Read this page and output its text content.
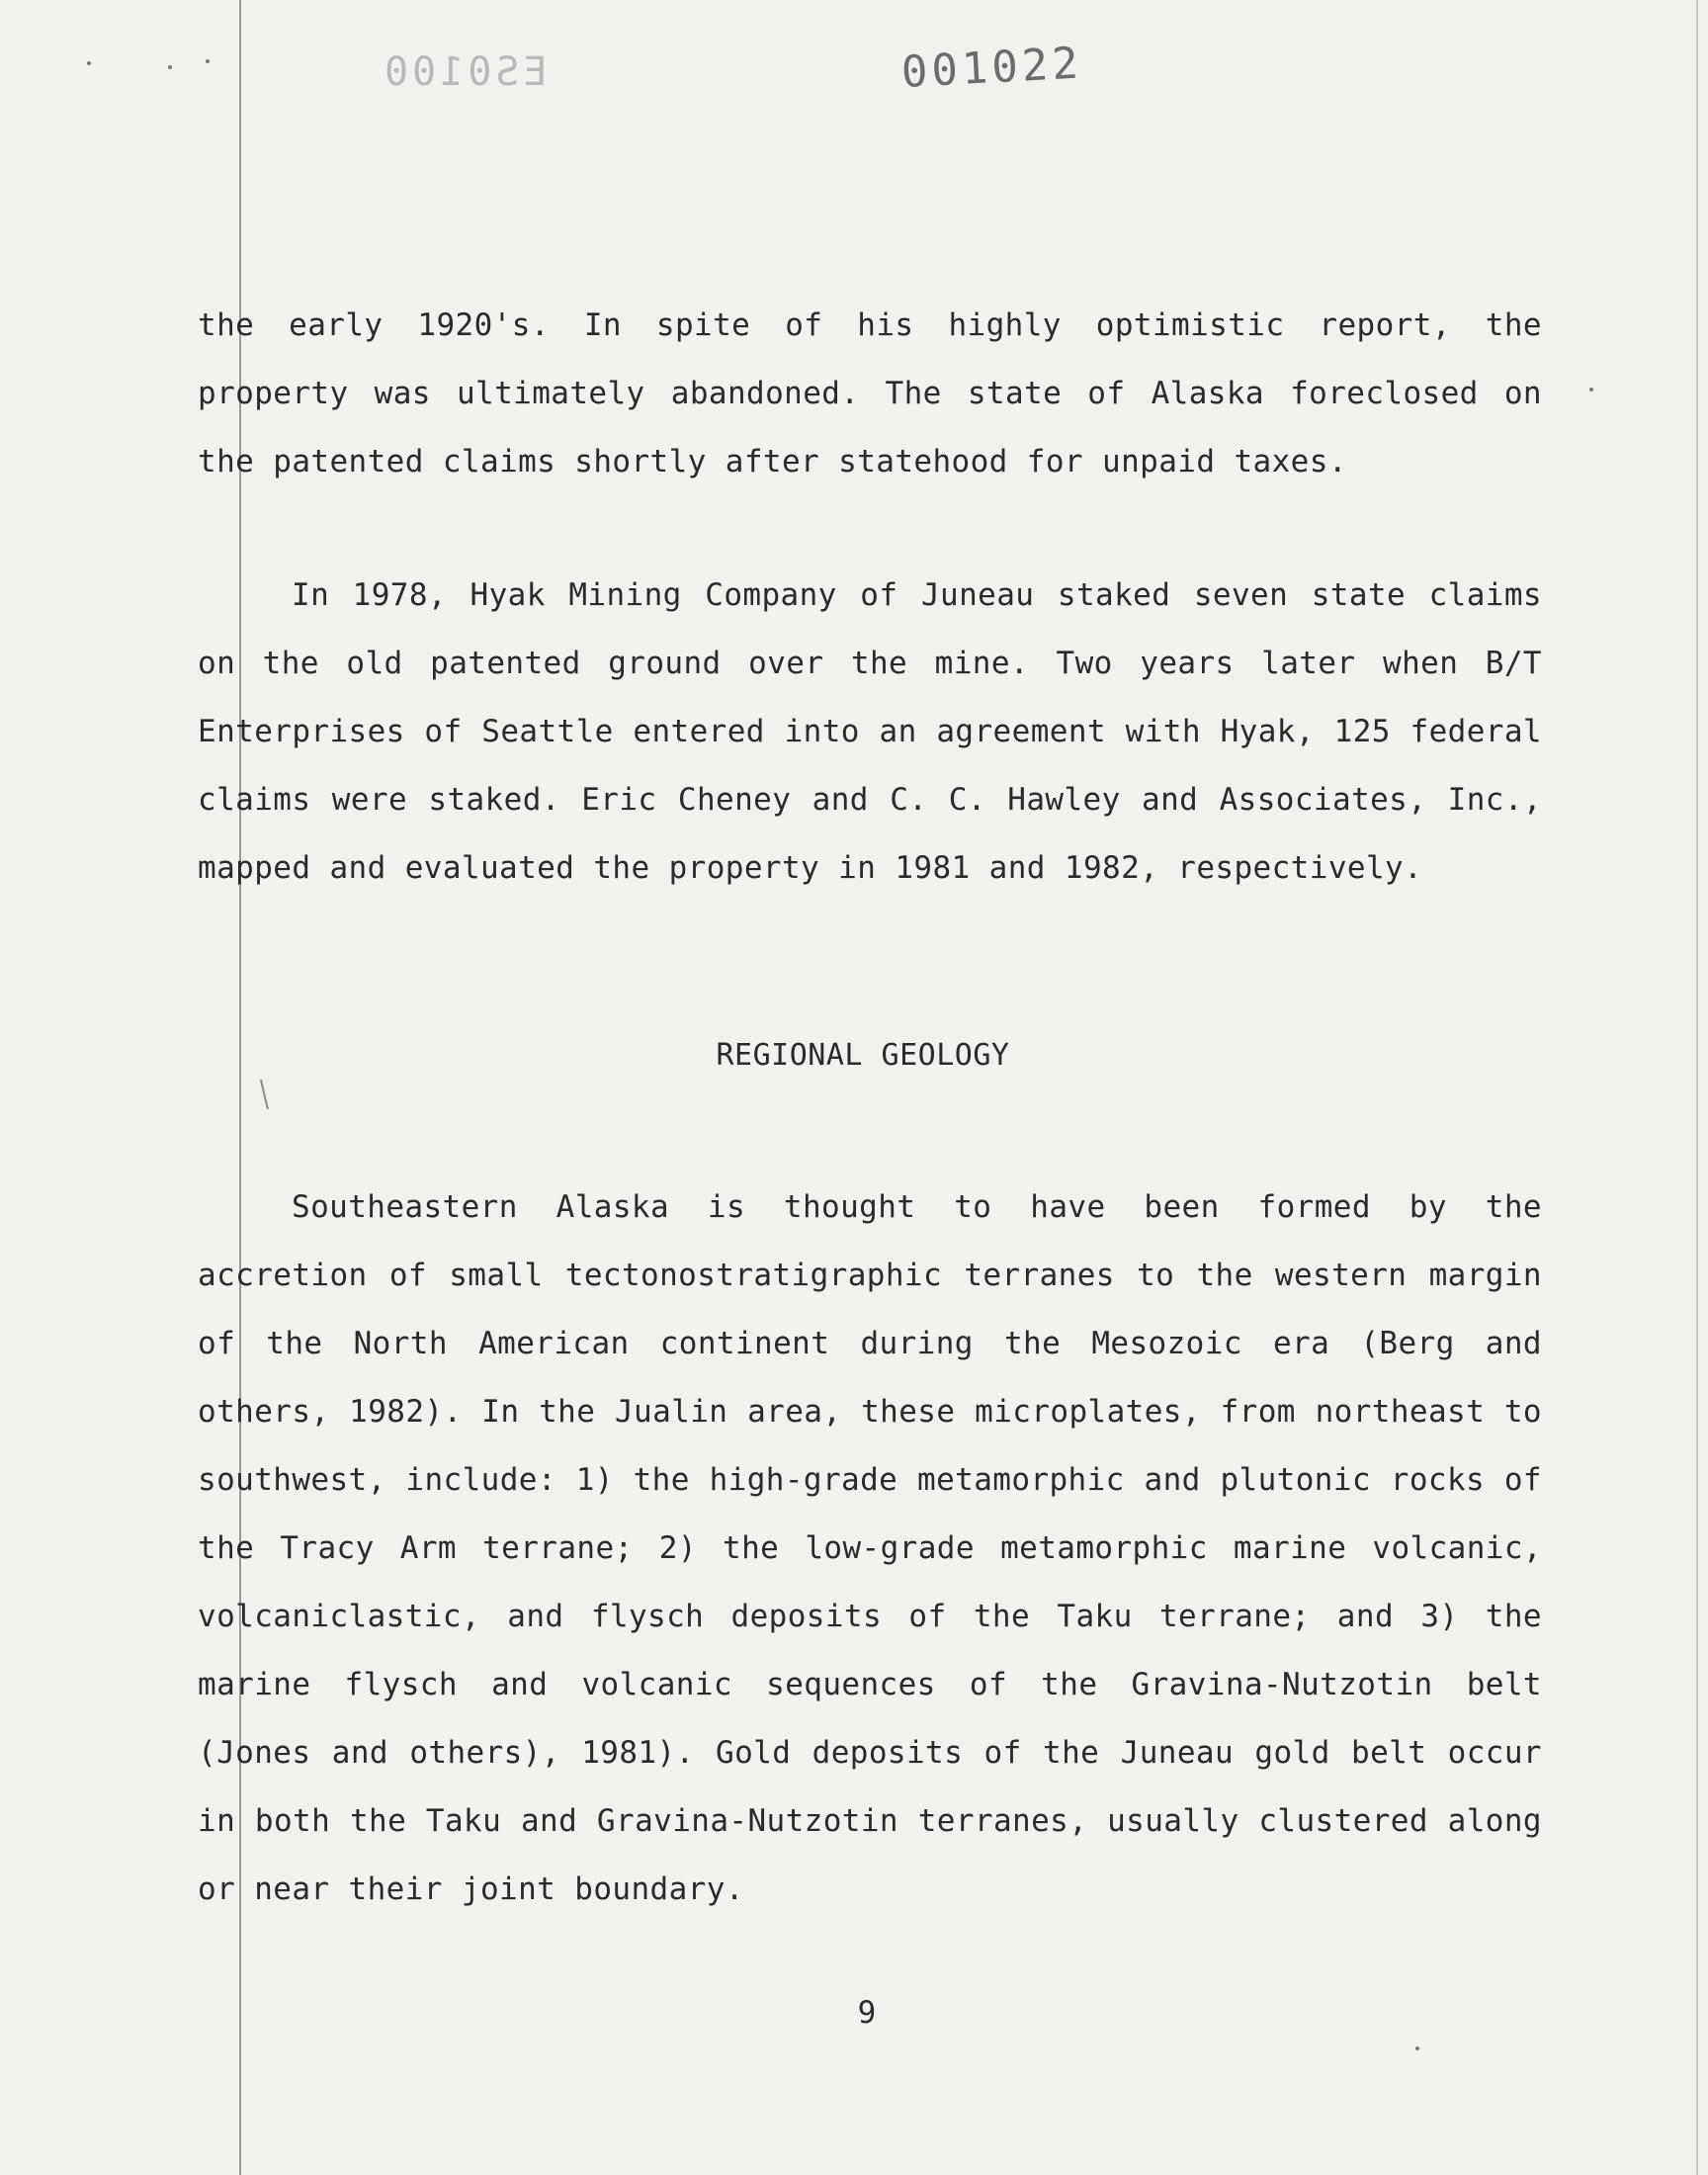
ES0100	001022

the early 1920's. In spite of his highly optimistic report, the property was ultimately abandoned. The state of Alaska foreclosed on the patented claims shortly after statehood for unpaid taxes.

In 1978, Hyak Mining Company of Juneau staked seven state claims on the old patented ground over the mine. Two years later when B/T Enterprises of Seattle entered into an agreement with Hyak, 125 federal claims were staked. Eric Cheney and C. C. Hawley and Associates, Inc., mapped and evaluated the property in 1981 and 1982, respectively.

REGIONAL GEOLOGY

Southeastern Alaska is thought to have been formed by the accretion of small tectonostratigraphic terranes to the western margin of the North American continent during the Mesozoic era (Berg and others, 1982). In the Jualin area, these microplates, from northeast to southwest, include: 1) the high-grade metamorphic and plutonic rocks of the Tracy Arm terrane; 2) the low-grade metamorphic marine volcanic, volcaniclastic, and flysch deposits of the Taku terrane; and 3) the marine flysch and volcanic sequences of the Gravina-Nutzotin belt (Jones and others), 1981). Gold deposits of the Juneau gold belt occur in both the Taku and Gravina-Nutzotin terranes, usually clustered along or near their joint boundary.

9
